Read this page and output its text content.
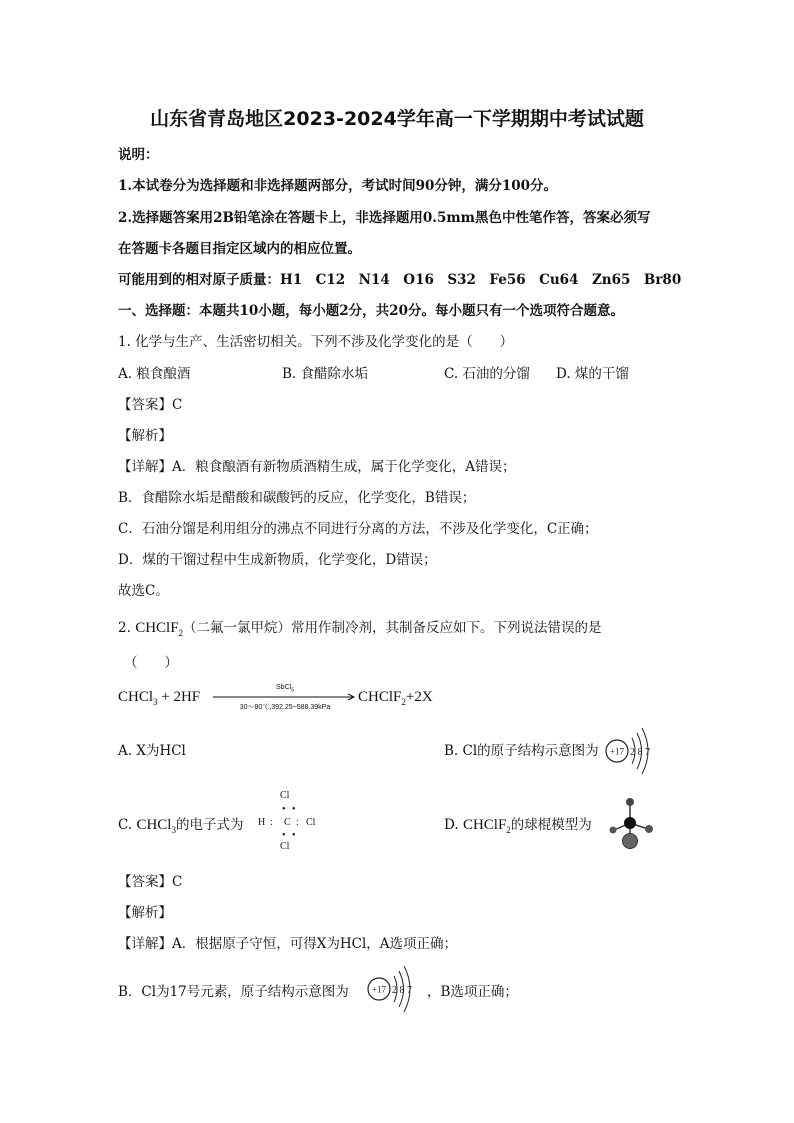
山东省青岛地区2023-2024学年高一下学期期中考试试题
说明：
1.本试卷分为选择题和非选择题两部分，考试时间90分钟，满分100分。
2.选择题答案用2B铅笔涂在答题卡上，非选择题用0.5mm黑色中性笔作答，答案必须写
在答题卡各题目指定区域内的相应位置。
可能用到的相对原子质量：H1　C12　N14　O16　S32　Fe56　Cu64　Zn65　Br80
一、选择题：本题共10小题，每小题2分，共20分。每小题只有一个选项符合题意。
1. 化学与生产、生活密切相关。下列不涉及化学变化的是（　　）
A. 粮食酿酒	B. 食醋除水垢	C. 石油的分馏 D. 煤的干馏
【答案】C
【解析】
【详解】A．粮食酿酒有新物质酒精生成，属于化学变化，A错误；
B．食醋除水垢是醋酸和碳酸钙的反应，化学变化，B错误；
C．石油分馏是利用组分的沸点不同进行分离的方法，不涉及化学变化，C正确；
D．煤的干馏过程中生成新物质，化学变化，D错误；
故选C。
2. CHClF$_2$（二氟一氯甲烷）常用作制冷剂，其制备反应如下。下列说法错误的是
（　　）
CHCl$_3$ + 2HF
SbCl$_5$
30～80℃,392.25~588.39kPa
CHClF$_2$+2X
A. X为HCl	B. Cl的原子结构示意图为 +17 2 8 7
C. CHCl$_3$的电子式为
Cl
• •
H : C : Cl
• •
Cl
D. CHClF$_2$的球棍模型为
【答案】C
【解析】
【详解】A．根据原子守恒，可得X为HCl，A选项正确；
B．Cl为17号元素，原子结构示意图为	+17 2 8 7 ，B选项正确；
